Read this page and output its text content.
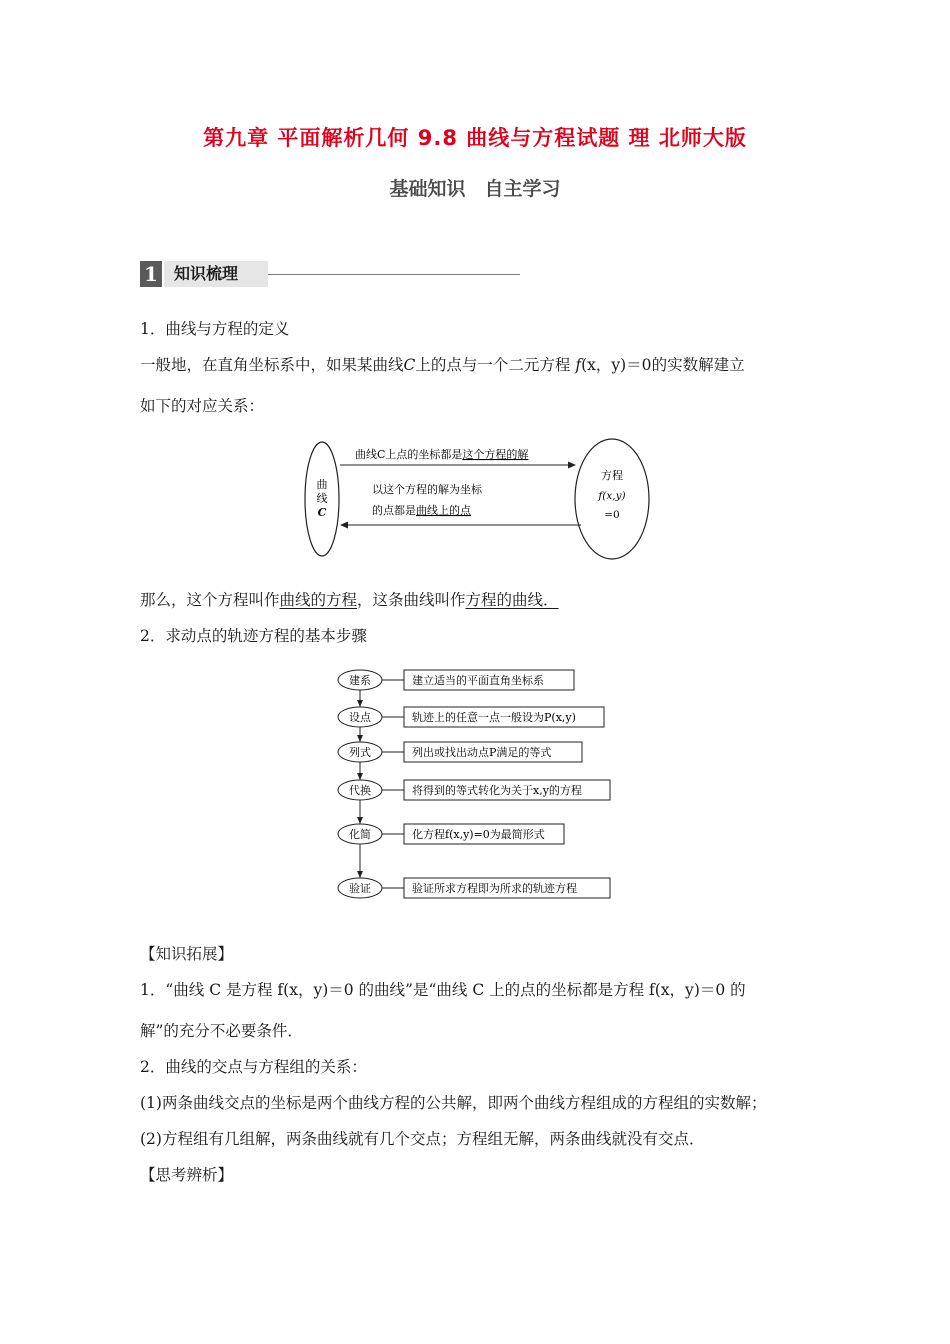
第九章 平面解析几何 9.8 曲线与方程试题 理 北师大版
基础知识　自主学习
1	知识梳理
1．曲线与方程的定义
一般地，在直角坐标系中，如果某曲线C上的点与一个二元方程 f(x，y)＝0的实数解建立
如下的对应关系：
曲
线
C
方程
f(x,y)
=0
曲线C上点的坐标都是这个方程的解
以这个方程的解为坐标
的点都是曲线上的点
那么，这个方程叫作曲线的方程，这条曲线叫作方程的曲线．
2．求动点的轨迹方程的基本步骤
建系	建立适当的平面直角坐标系
设点	轨迹上的任意一点一般设为P(x,y)
列式	列出或找出动点P满足的等式
代换	将得到的等式转化为关于x,y的方程
化简	化方程f(x,y)=0为最简形式
验证	验证所求方程即为所求的轨迹方程
【知识拓展】
1．“曲线 C 是方程 f(x，y)＝0 的曲线”是“曲线 C 上的点的坐标都是方程 f(x，y)＝0 的
解”的充分不必要条件．
2．曲线的交点与方程组的关系：
(1)两条曲线交点的坐标是两个曲线方程的公共解，即两个曲线方程组成的方程组的实数解；
(2)方程组有几组解，两条曲线就有几个交点；方程组无解，两条曲线就没有交点．
【思考辨析】
